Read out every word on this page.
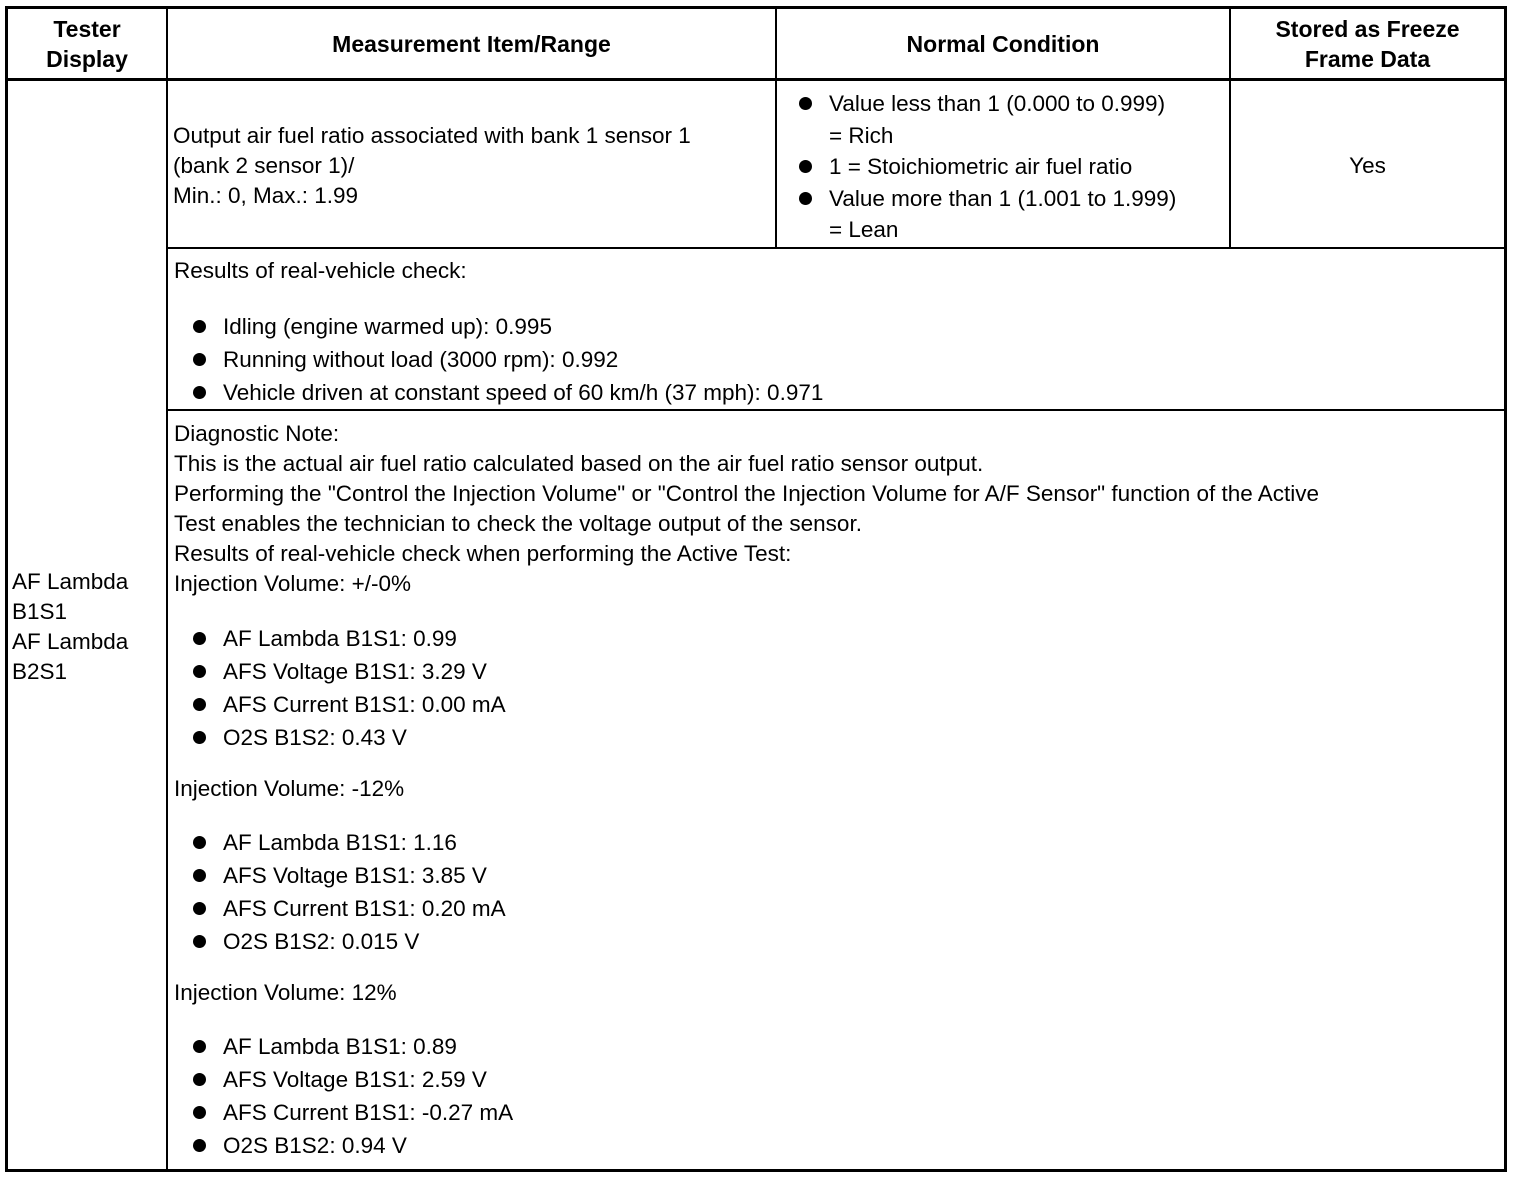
Tester
Display
Measurement Item/Range	Normal Condition
Stored as Freeze
Frame Data
AF Lambda
B1S1
AF Lambda
B2S1
Output air fuel ratio associated with bank 1 sensor 1
(bank 2 sensor 1)/
Min.: 0, Max.: 1.99
Value less than 1 (0.000 to 0.999)
= Rich
1 = Stoichiometric air fuel ratio
Value more than 1 (1.001 to 1.999)
= Lean
Yes
Results of real-vehicle check:
Idling (engine warmed up): 0.995
Running without load (3000 rpm): 0.992
Vehicle driven at constant speed of 60 km/h (37 mph): 0.971
Diagnostic Note:
This is the actual air fuel ratio calculated based on the air fuel ratio sensor output.
Performing the "Control the Injection Volume" or "Control the Injection Volume for A/F Sensor" function of the Active
Test enables the technician to check the voltage output of the sensor.
Results of real-vehicle check when performing the Active Test:
Injection Volume: +/-0%
AF Lambda B1S1: 0.99
AFS Voltage B1S1: 3.29 V
AFS Current B1S1: 0.00 mA
O2S B1S2: 0.43 V
Injection Volume: -12%
AF Lambda B1S1: 1.16
AFS Voltage B1S1: 3.85 V
AFS Current B1S1: 0.20 mA
O2S B1S2: 0.015 V
Injection Volume: 12%
AF Lambda B1S1: 0.89
AFS Voltage B1S1: 2.59 V
AFS Current B1S1: -0.27 mA
O2S B1S2: 0.94 V
